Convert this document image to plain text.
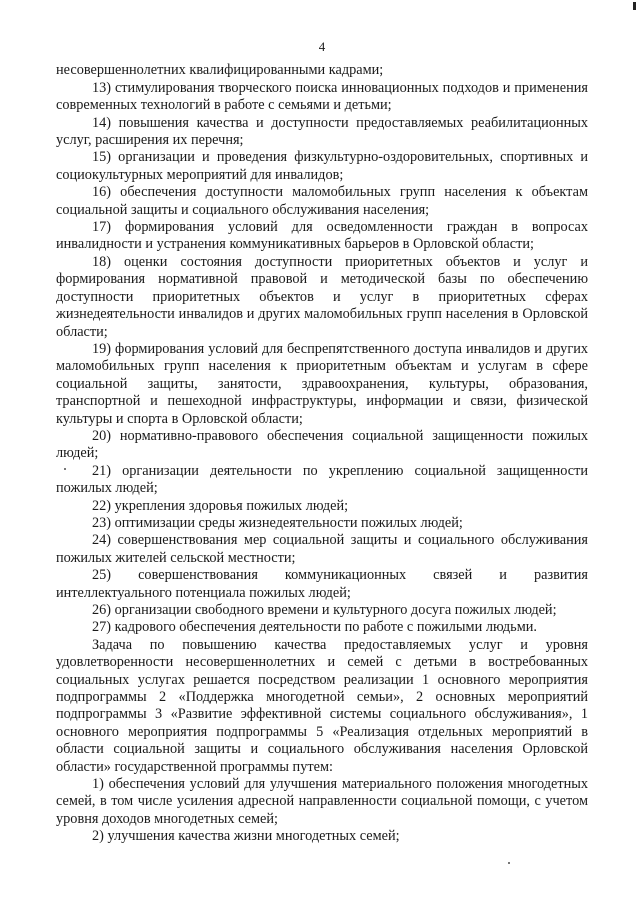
4

несовершеннолетних квалифицированными кадрами;

13) стимулирования творческого поиска инновационных подходов и применения современных технологий в работе с семьями и детьми;

14) повышения качества и доступности предоставляемых реабилитационных услуг, расширения их перечня;

15) организации и проведения физкультурно-оздоровительных, спортивных и социокультурных мероприятий для инвалидов;

16) обеспечения доступности маломобильных групп населения к объектам социальной защиты и социального обслуживания населения;

17) формирования условий для осведомленности граждан в вопросах инвалидности и устранения коммуникативных барьеров в Орловской области;

18) оценки состояния доступности приоритетных объектов и услуг и формирования нормативной правовой и методической базы по обеспечению доступности приоритетных объектов и услуг в приоритетных сферах жизнедеятельности инвалидов и других маломобильных групп населения в Орловской области;

19) формирования условий для беспрепятственного доступа инвалидов и других маломобильных групп населения к приоритетным объектам и услугам в сфере социальной защиты, занятости, здравоохранения, культуры, образования, транспортной и пешеходной инфраструктуры, информации и связи, физической культуры и спорта в Орловской области;

20) нормативно-правового обеспечения социальной защищенности пожилых людей;

21) организации деятельности по укреплению социальной защищенности пожилых людей;

22) укрепления здоровья пожилых людей;

23) оптимизации среды жизнедеятельности пожилых людей;

24) совершенствования мер социальной защиты и социального обслуживания пожилых жителей сельской местности;

25) совершенствования коммуникационных связей и развития интеллектуального потенциала пожилых людей;

26) организации свободного времени и культурного досуга пожилых людей;

27) кадрового обеспечения деятельности по работе с пожилыми людьми.

Задача по повышению качества предоставляемых услуг и уровня удовлетворенности несовершеннолетних и семей с детьми в востребованных социальных услугах решается посредством реализации 1 основного мероприятия подпрограммы 2 «Поддержка многодетной семьи», 2 основных мероприятий подпрограммы 3 «Развитие эффективной системы социального обслуживания», 1 основного мероприятия подпрограммы 5 «Реализация отдельных мероприятий в области социальной защиты и социального обслуживания населения Орловской области» государственной программы путем:

1) обеспечения условий для улучшения материального положения многодетных семей, в том числе усиления адресной направленности социальной помощи, с учетом уровня доходов многодетных семей;

2) улучшения качества жизни многодетных семей;
